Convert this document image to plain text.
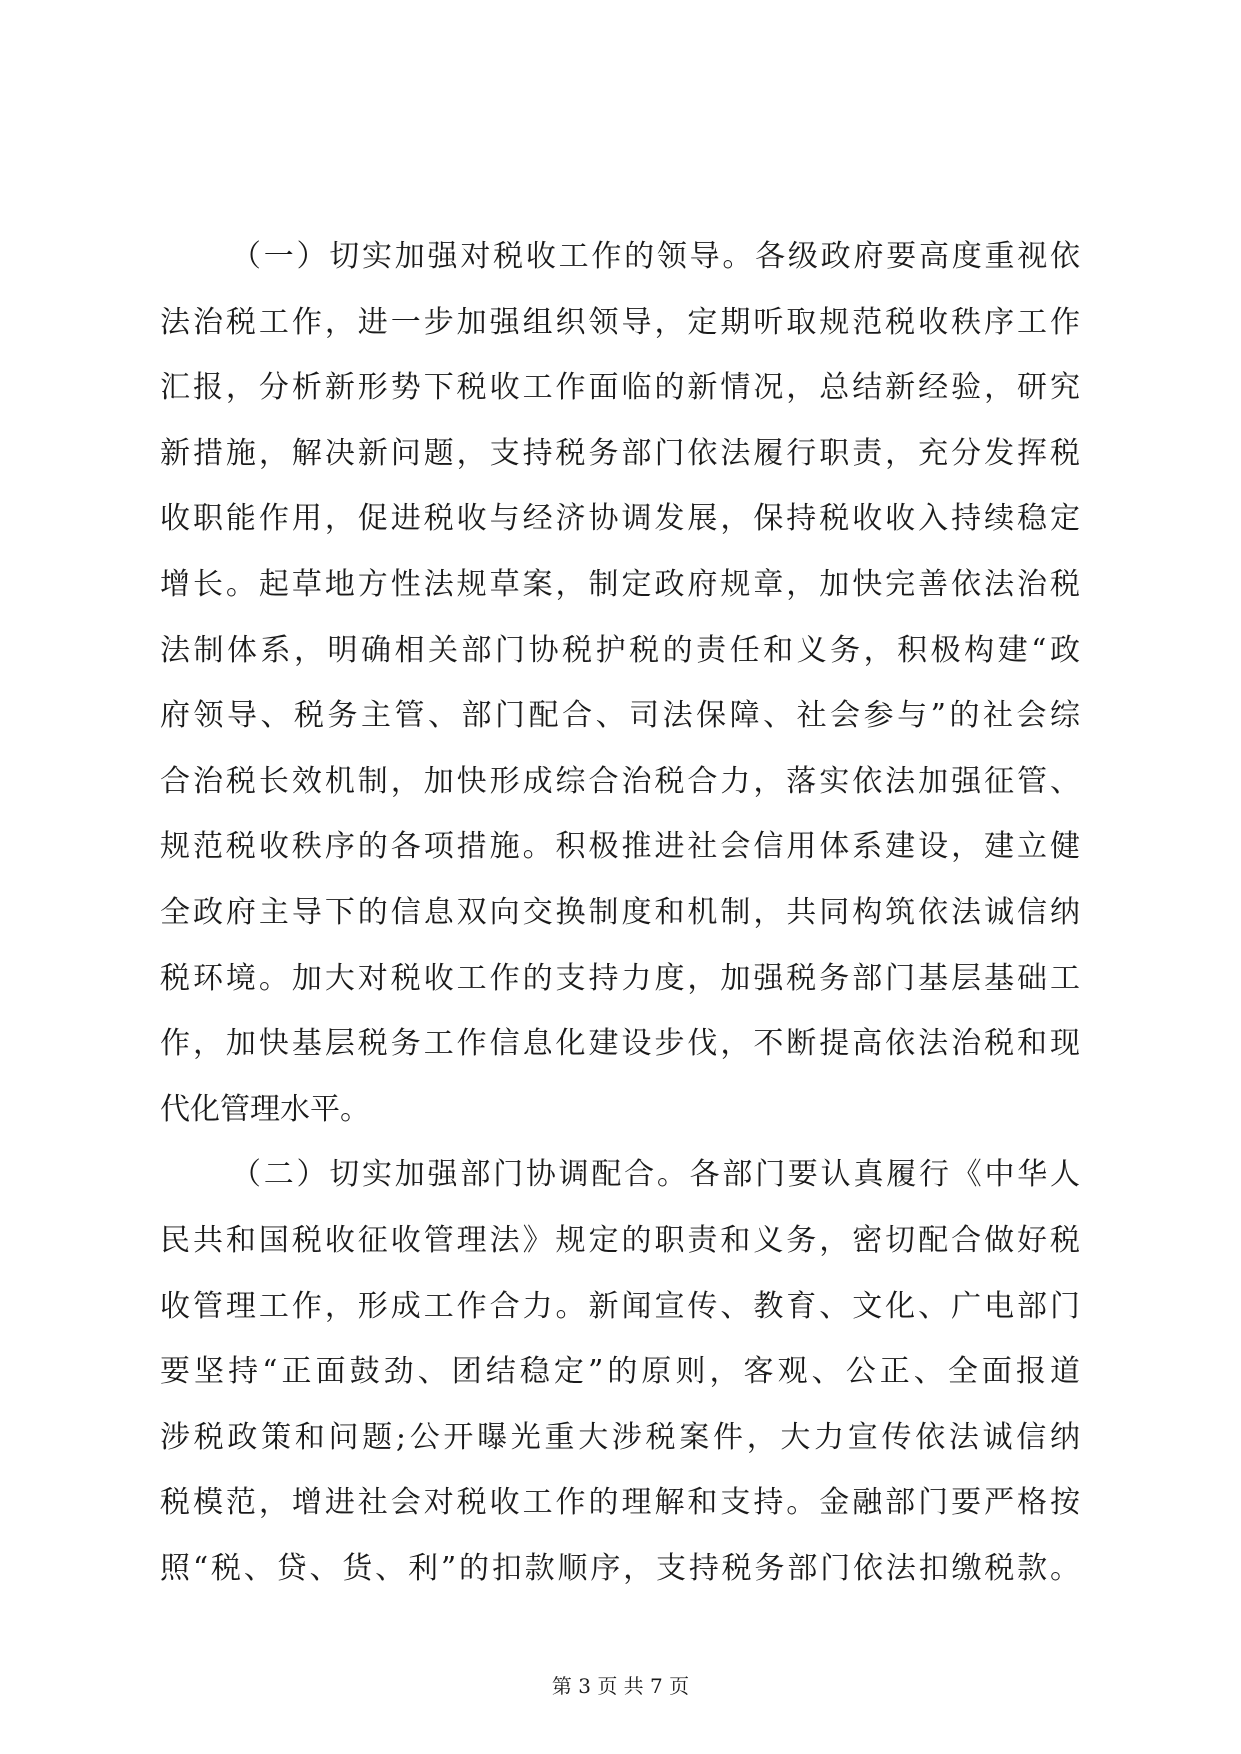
（一）切实加强对税收工作的领导。各级政府要高度重视依
法治税工作，进一步加强组织领导，定期听取规范税收秩序工作
汇报，分析新形势下税收工作面临的新情况，总结新经验，研究
新措施，解决新问题，支持税务部门依法履行职责，充分发挥税
收职能作用，促进税收与经济协调发展，保持税收收入持续稳定
增长。起草地方性法规草案，制定政府规章，加快完善依法治税
法制体系，明确相关部门协税护税的责任和义务，积极构建“政
府领导、税务主管、部门配合、司法保障、社会参与”的社会综
合治税长效机制，加快形成综合治税合力，落实依法加强征管、
规范税收秩序的各项措施。积极推进社会信用体系建设，建立健
全政府主导下的信息双向交换制度和机制，共同构筑依法诚信纳
税环境。加大对税收工作的支持力度，加强税务部门基层基础工
作，加快基层税务工作信息化建设步伐，不断提高依法治税和现
代化管理水平。
（二）切实加强部门协调配合。各部门要认真履行《中华人
民共和国税收征收管理法》规定的职责和义务，密切配合做好税
收管理工作，形成工作合力。新闻宣传、教育、文化、广电部门
要坚持“正面鼓劲、团结稳定”的原则，客观、公正、全面报道
涉税政策和问题;公开曝光重大涉税案件，大力宣传依法诚信纳
税模范，增进社会对税收工作的理解和支持。金融部门要严格按
照“税、贷、货、利”的扣款顺序，支持税务部门依法扣缴税款。
第 3 页 共 7 页
